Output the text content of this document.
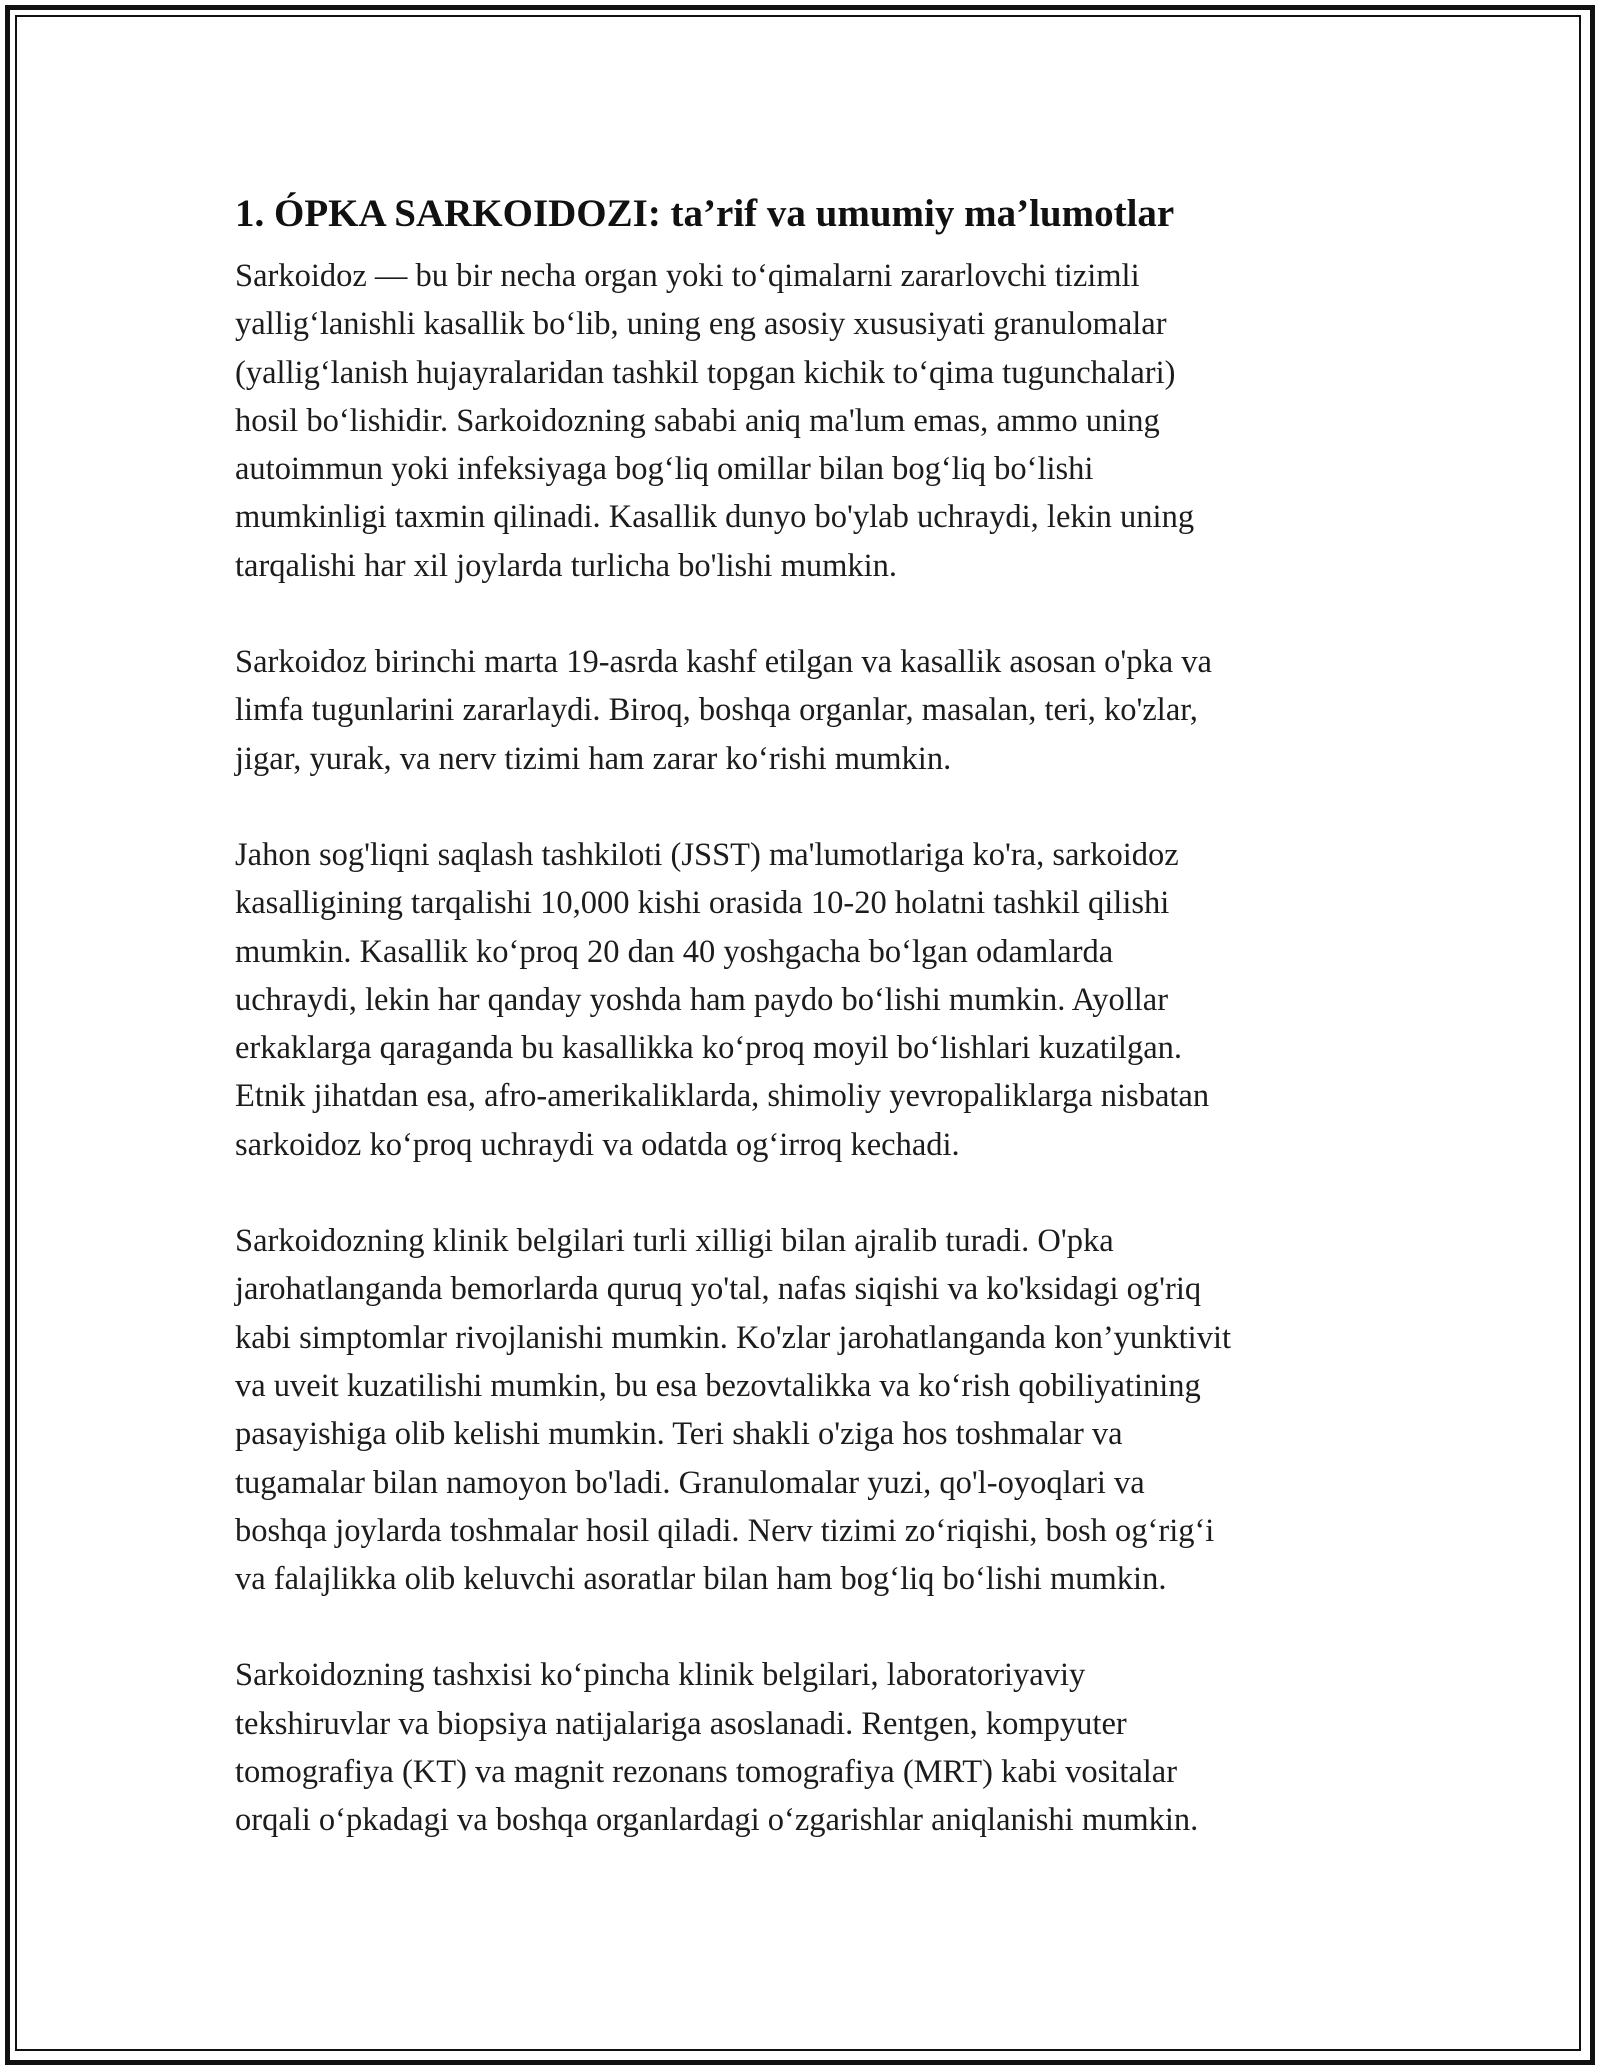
1. ÓPKA SARKOIDOZI: ta’rif va umumiy ma’lumotlar
Sarkoidoz — bu bir necha organ yoki to‘qimalarni zararlovchi tizimli
yallig‘lanishli kasallik bo‘lib, uning eng asosiy xususiyati granulomalar
(yallig‘lanish hujayralaridan tashkil topgan kichik to‘qima tugunchalari)
hosil bo‘lishidir. Sarkoidozning sababi aniq ma'lum emas, ammo uning
autoimmun yoki infeksiyaga bog‘liq omillar bilan bog‘liq bo‘lishi
mumkinligi taxmin qilinadi. Kasallik dunyo bo'ylab uchraydi, lekin uning
tarqalishi har xil joylarda turlicha bo'lishi mumkin.
Sarkoidoz birinchi marta 19-asrda kashf etilgan va kasallik asosan o'pka va
limfa tugunlarini zararlaydi. Biroq, boshqa organlar, masalan, teri, ko'zlar,
jigar, yurak, va nerv tizimi ham zarar ko‘rishi mumkin.
Jahon sog'liqni saqlash tashkiloti (JSST) ma'lumotlariga ko'ra, sarkoidoz
kasalligining tarqalishi 10,000 kishi orasida 10-20 holatni tashkil qilishi
mumkin. Kasallik ko‘proq 20 dan 40 yoshgacha bo‘lgan odamlarda
uchraydi, lekin har qanday yoshda ham paydo bo‘lishi mumkin. Ayollar
erkaklarga qaraganda bu kasallikka ko‘proq moyil bo‘lishlari kuzatilgan.
Etnik jihatdan esa, afro-amerikaliklarda, shimoliy yevropaliklarga nisbatan
sarkoidoz ko‘proq uchraydi va odatda og‘irroq kechadi.
Sarkoidozning klinik belgilari turli xilligi bilan ajralib turadi. O'pka
jarohatlanganda bemorlarda quruq yo'tal, nafas siqishi va ko'ksidagi og'riq
kabi simptomlar rivojlanishi mumkin. Ko'zlar jarohatlanganda kon’yunktivit
va uveit kuzatilishi mumkin, bu esa bezovtalikka va ko‘rish qobiliyatining
pasayishiga olib kelishi mumkin. Teri shakli o'ziga hos toshmalar va
tugamalar bilan namoyon bo'ladi. Granulomalar yuzi, qo'l-oyoqlari va
boshqa joylarda toshmalar hosil qiladi. Nerv tizimi zo‘riqishi, bosh og‘rig‘i
va falajlikka olib keluvchi asoratlar bilan ham bog‘liq bo‘lishi mumkin.
Sarkoidozning tashxisi ko‘pincha klinik belgilari, laboratoriyaviy
tekshiruvlar va biopsiya natijalariga asoslanadi. Rentgen, kompyuter
tomografiya (KT) va magnit rezonans tomografiya (MRT) kabi vositalar
orqali o‘pkadagi va boshqa organlardagi o‘zgarishlar aniqlanishi mumkin.
